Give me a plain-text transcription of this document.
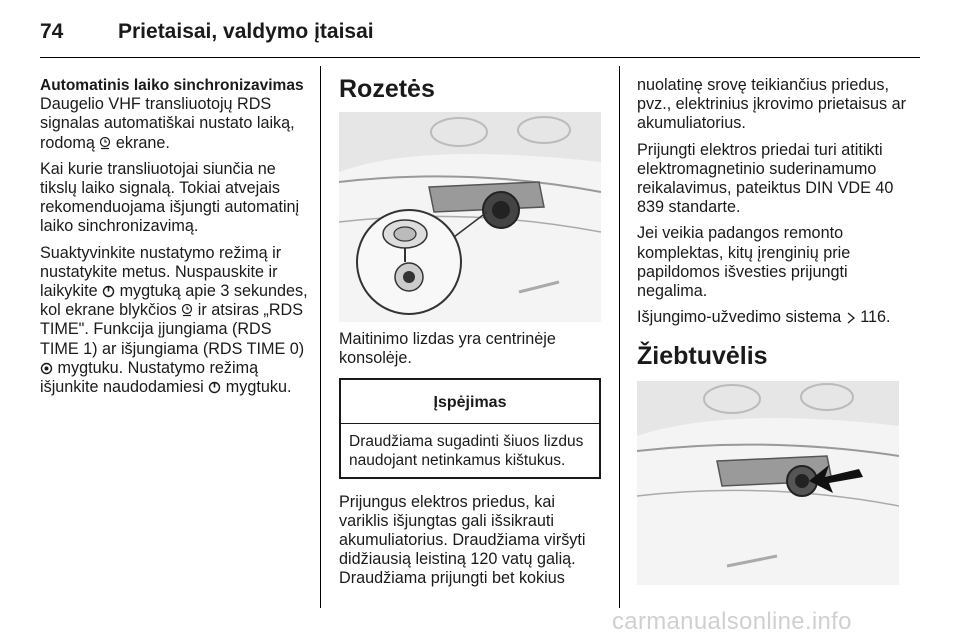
74	Prietaisai, valdymo įtaisai

Automatinis laiko sinchronizavimas

Daugelio VHF transliuotojų RDS signalas automatiškai nustato laiką, rodomą ekrane.

Kai kurie transliuotojai siunčia ne tikslų laiko signalą. Tokiai atvejais rekomenduojama išjungti automatinį laiko sinchronizavimą.

Suaktyvinkite nustatymo režimą ir nustatykite metus. Nuspauskite ir laikykite mygtuką apie 3 sekundes, kol ekrane blykčios ir atsiras „RDS TIME". Funkcija įjungiama (RDS TIME 1) ar išjungiama (RDS TIME 0)  mygtuku. Nustatymo režimą išjunkite naudodamiesi mygtuku.

Rozetės

Maitinimo lizdas yra centrinėje konsolėje.

Įspėjimas
Draudžiama sugadinti šiuos lizdus naudojant netinkamus kištukus.

Prijungus elektros priedus, kai variklis išjungtas gali išsikrauti akumuliatorius. Draudžiama viršyti didžiausią leistiną 120 vatų galią. Draudžiama prijungti bet kokius

nuolatinę srovę teikiančius priedus, pvz., elektrinius įkrovimo prietaisus ar akumuliatorius.

Prijungti elektros priedai turi atitikti elektromagnetinio suderinamumo reikalavimus, pateiktus DIN VDE 40 839 standarte.

Jei veikia padangos remonto komplektas, kitų įrenginių prie papildomos išvesties prijungti negalima.

Išjungimo-užvedimo sistema 116.

Žiebtuvėlis

carmanualsonline.info
